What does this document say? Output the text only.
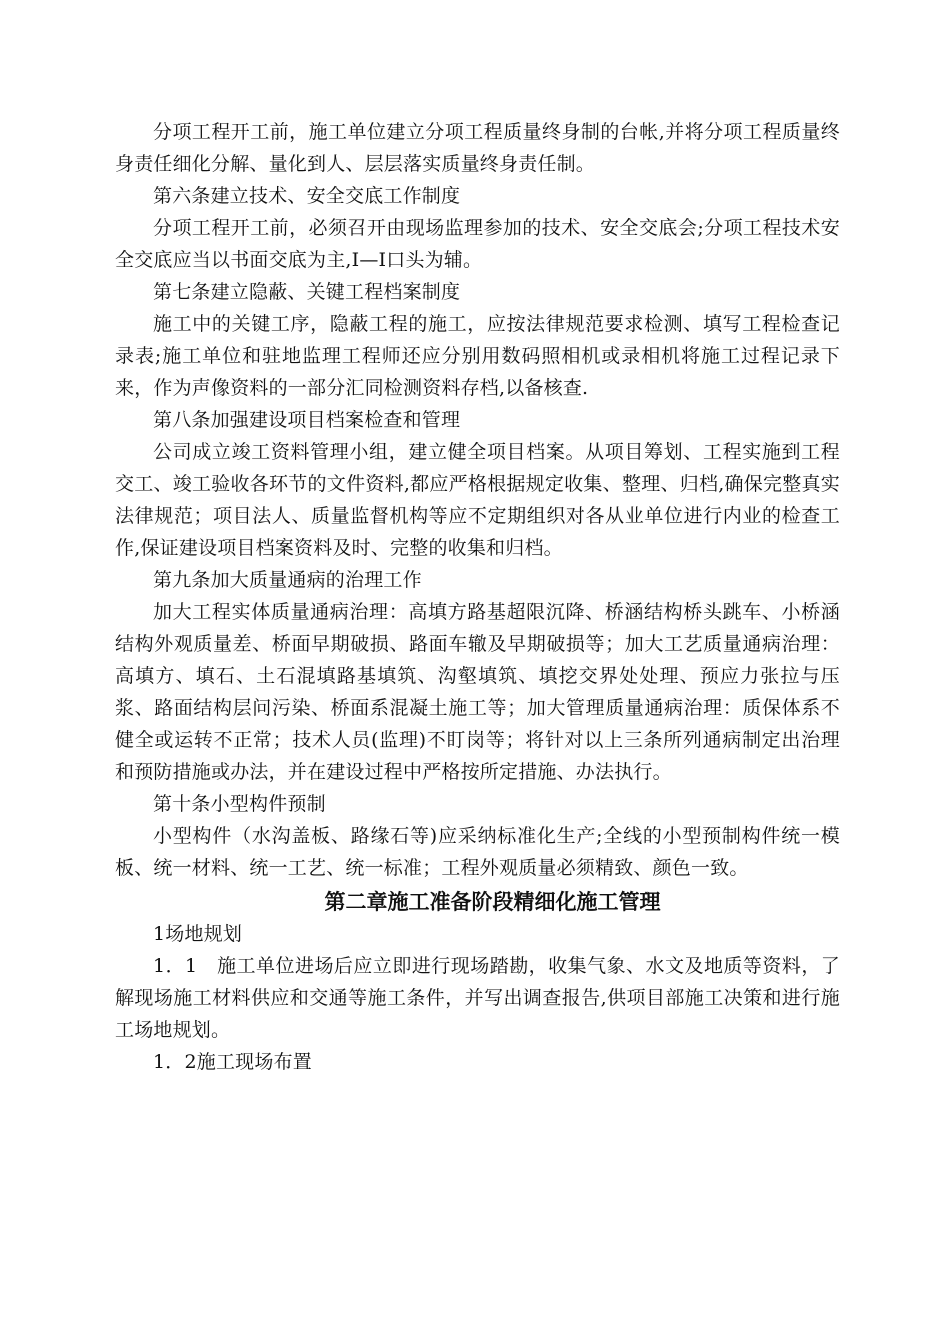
分项工程开工前，施工单位建立分项工程质量终身制的台帐,并将分项工程质量终身责任细化分解、量化到人、层层落实质量终身责任制。

第六条建立技术、安全交底工作制度

分项工程开工前，必须召开由现场监理参加的技术、安全交底会;分项工程技术安全交底应当以书面交底为主,I—I口头为辅。

第七条建立隐蔽、关键工程档案制度

施工中的关键工序，隐蔽工程的施工，应按法律规范要求检测、填写工程检查记录表;施工单位和驻地监理工程师还应分别用数码照相机或录相机将施工过程记录下来，作为声像资料的一部分汇同检测资料存档,以备核查.

第八条加强建设项目档案检查和管理

公司成立竣工资料管理小组，建立健全项目档案。从项目筹划、工程实施到工程交工、竣工验收各环节的文件资料,都应严格根据规定收集、整理、归档,确保完整真实法律规范；项目法人、质量监督机构等应不定期组织对各从业单位进行内业的检查工作,保证建设项目档案资料及时、完整的收集和归档。

第九条加大质量通病的治理工作

加大工程实体质量通病治理：高填方路基超限沉降、桥涵结构桥头跳车、小桥涵结构外观质量差、桥面早期破损、路面车辙及早期破损等；加大工艺质量通病治理：高填方、填石、土石混填路基填筑、沟壑填筑、填挖交界处处理、预应力张拉与压浆、路面结构层问污染、桥面系混凝土施工等；加大管理质量通病治理：质保体系不健全或运转不正常；技术人员(监理)不盯岗等；将针对以上三条所列通病制定出治理和预防措施或办法，并在建设过程中严格按所定措施、办法执行。

第十条小型构件预制

小型构件（水沟盖板、路缘石等)应采纳标准化生产;全线的小型预制构件统一模板、统一材料、统一工艺、统一标准；工程外观质量必须精致、颜色一致。

第二章施工准备阶段精细化施工管理

1场地规划

1．1　施工单位进场后应立即进行现场踏勘，收集气象、水文及地质等资料，了解现场施工材料供应和交通等施工条件，并写出调查报告,供项目部施工决策和进行施工场地规划。

1．2施工现场布置
